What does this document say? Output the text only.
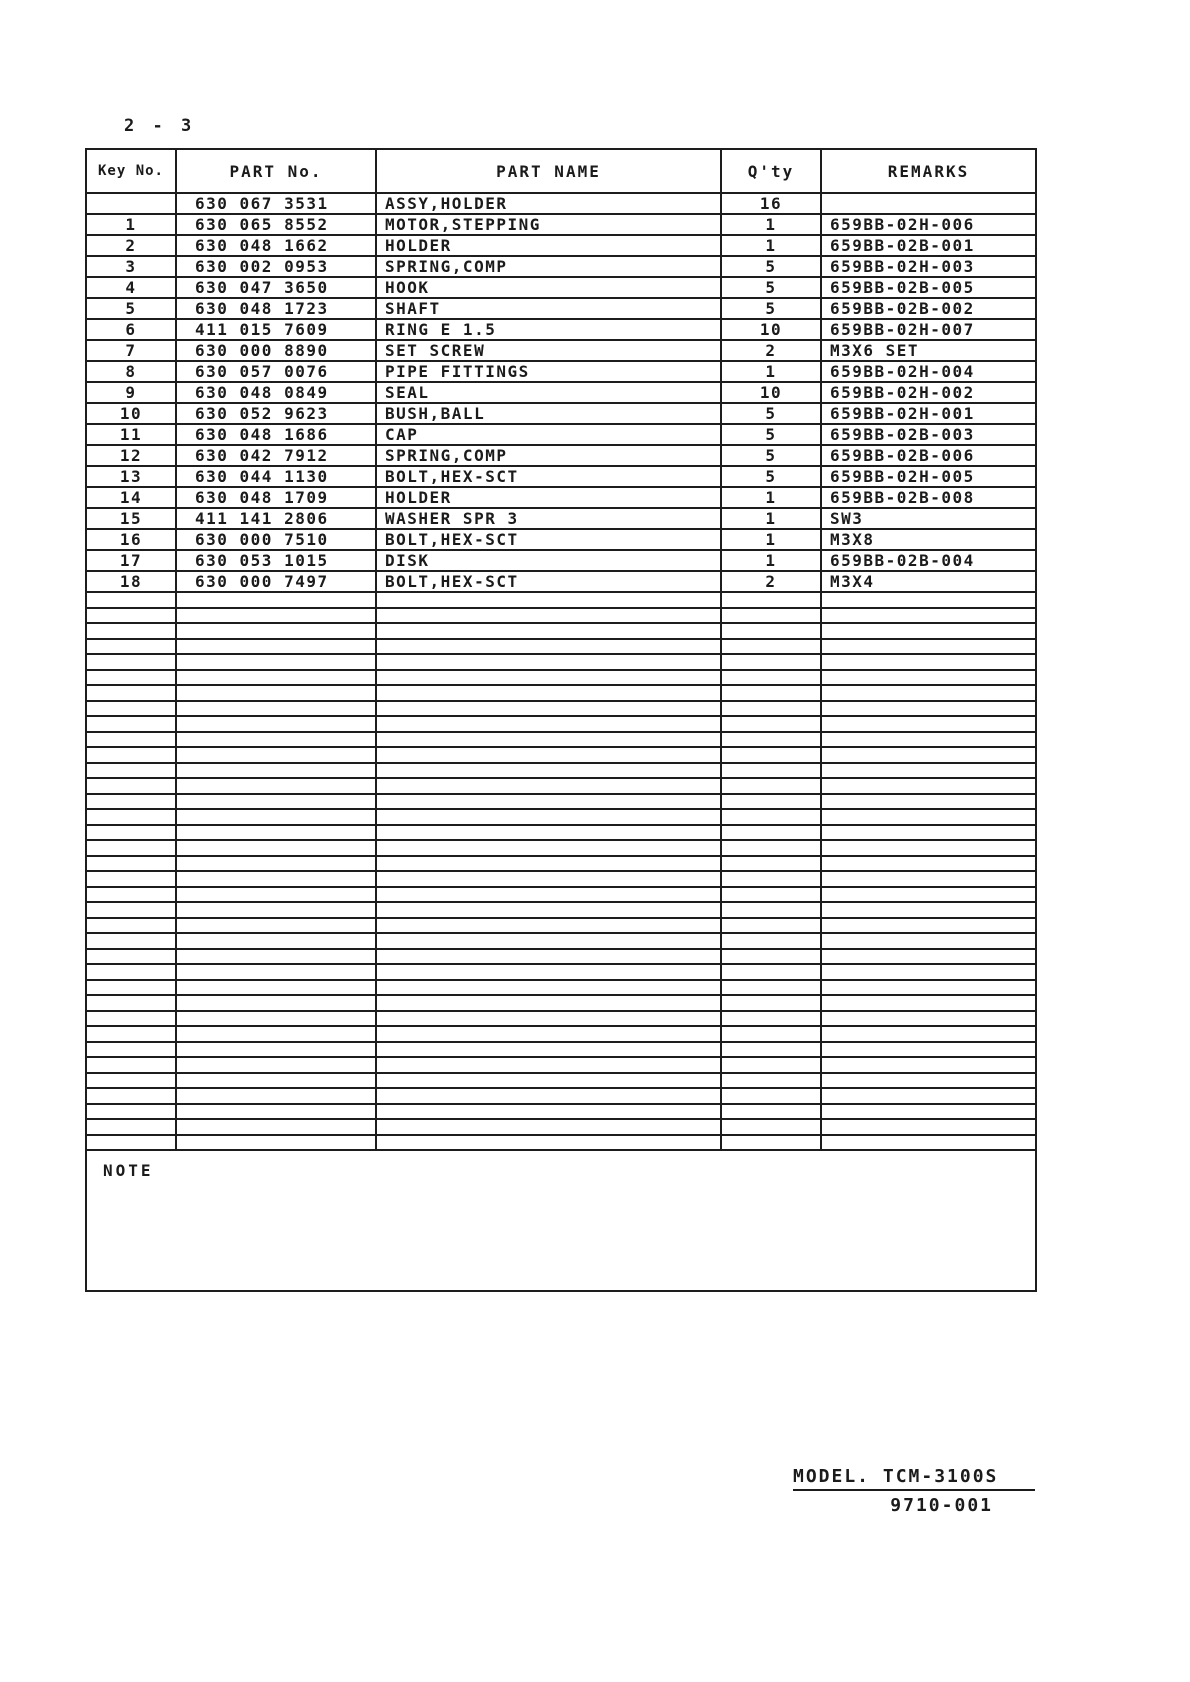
2 - 3
Key No.	PART No.	PART NAME	Q'ty	REMARKS
	630 067 3531	ASSY,HOLDER	16	
1	630 065 8552	MOTOR,STEPPING	1	659BB-02H-006
2	630 048 1662	HOLDER	1	659BB-02B-001
3	630 002 0953	SPRING,COMP	5	659BB-02H-003
4	630 047 3650	HOOK	5	659BB-02B-005
5	630 048 1723	SHAFT	5	659BB-02B-002
6	411 015 7609	RING E 1.5	10	659BB-02H-007
7	630 000 8890	SET SCREW	2	M3X6 SET
8	630 057 0076	PIPE FITTINGS	1	659BB-02H-004
9	630 048 0849	SEAL	10	659BB-02H-002
10	630 052 9623	BUSH,BALL	5	659BB-02H-001
11	630 048 1686	CAP	5	659BB-02B-003
12	630 042 7912	SPRING,COMP	5	659BB-02B-006
13	630 044 1130	BOLT,HEX-SCT	5	659BB-02H-005
14	630 048 1709	HOLDER	1	659BB-02B-008
15	411 141 2806	WASHER SPR 3	1	SW3
16	630 000 7510	BOLT,HEX-SCT	1	M3X8
17	630 053 1015	DISK	1	659BB-02B-004
18	630 000 7497	BOLT,HEX-SCT	2	M3X4

NOTE				
MODEL. TCM-3100S
9710-001
